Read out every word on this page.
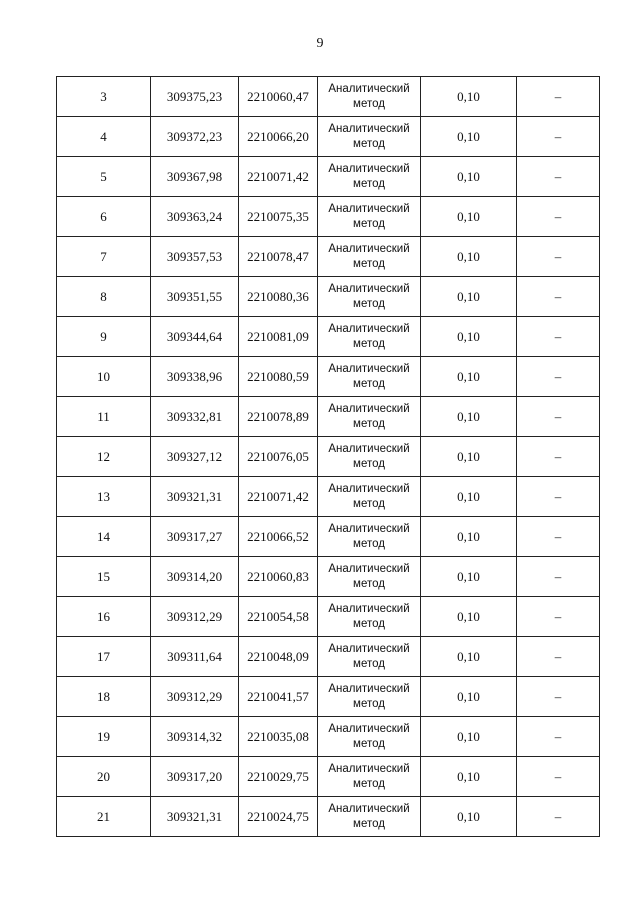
9
3	309375,23	2210060,47	Аналитический
метод	0,10	–
4	309372,23	2210066,20	Аналитический
метод	0,10	–
5	309367,98	2210071,42	Аналитический
метод	0,10	–
6	309363,24	2210075,35	Аналитический
метод	0,10	–
7	309357,53	2210078,47	Аналитический
метод	0,10	–
8	309351,55	2210080,36	Аналитический
метод	0,10	–
9	309344,64	2210081,09	Аналитический
метод	0,10	–
10	309338,96	2210080,59	Аналитический
метод	0,10	–
11	309332,81	2210078,89	Аналитический
метод	0,10	–
12	309327,12	2210076,05	Аналитический
метод	0,10	–
13	309321,31	2210071,42	Аналитический
метод	0,10	–
14	309317,27	2210066,52	Аналитический
метод	0,10	–
15	309314,20	2210060,83	Аналитический
метод	0,10	–
16	309312,29	2210054,58	Аналитический
метод	0,10	–
17	309311,64	2210048,09	Аналитический
метод	0,10	–
18	309312,29	2210041,57	Аналитический
метод	0,10	–
19	309314,32	2210035,08	Аналитический
метод	0,10	–
20	309317,20	2210029,75	Аналитический
метод	0,10	–
21	309321,31	2210024,75	Аналитический
метод	0,10	–
